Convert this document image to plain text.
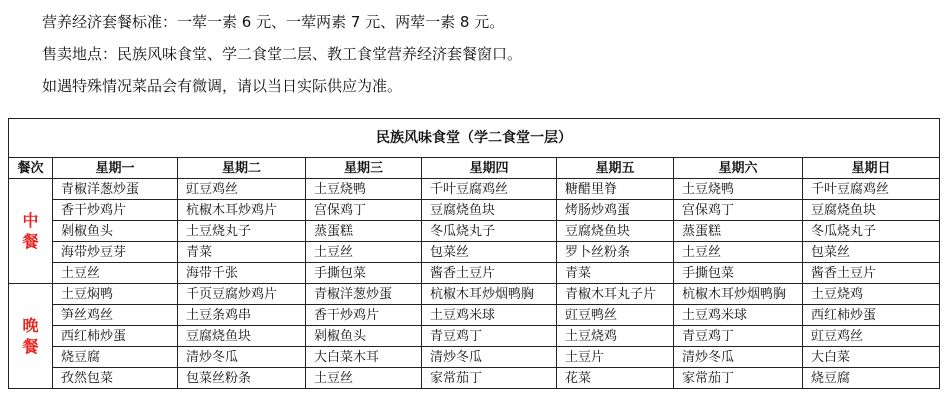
营养经济套餐标准：一荤一素 6 元、一荤两素 7 元、两荤一素 8 元。

售卖地点：民族风味食堂、学二食堂二层、教工食堂营养经济套餐窗口。

如遇特殊情况菜品会有微调，请以当日实际供应为准。

民族风味食堂（学二食堂一层）							
餐次	星期一	星期二	星期三	星期四	星期五	星期六	星期日

中
餐	青椒洋葱炒蛋	豇豆鸡丝	土豆烧鸭	千叶豆腐鸡丝	糖醋里脊	土豆烧鸭	千叶豆腐鸡丝
	香干炒鸡片	杭椒木耳炒鸡片	宫保鸡丁	豆腐烧鱼块	烤肠炒鸡蛋	宫保鸡丁	豆腐烧鱼块
	剁椒鱼头	土豆烧丸子	蒸蛋糕	冬瓜烧丸子	豆腐烧鱼块	蒸蛋糕	冬瓜烧丸子
	海带炒豆芽	青菜	土豆丝	包菜丝	罗卜丝粉条	土豆丝	包菜丝
	土豆丝	海带千张	手撕包菜	酱香土豆片	青菜	手撕包菜	酱香土豆片

晚
餐	土豆焖鸭	千页豆腐炒鸡片	青椒洋葱炒蛋	杭椒木耳炒烟鸭胸	青椒木耳丸子片	杭椒木耳炒烟鸭胸	土豆烧鸡
	笋丝鸡丝	土豆条鸡串	香干炒鸡片	土豆鸡米球	豇豆鸭丝	土豆鸡米球	西红柿炒蛋
	西红柿炒蛋	豆腐烧鱼块	剁椒鱼头	青豆鸡丁	土豆烧鸡	青豆鸡丁	豇豆鸡丝
	烧豆腐	清炒冬瓜	大白菜木耳	清炒冬瓜	土豆片	清炒冬瓜	大白菜
	孜然包菜	包菜丝粉条	土豆丝	家常茄丁	花菜	家常茄丁	烧豆腐
